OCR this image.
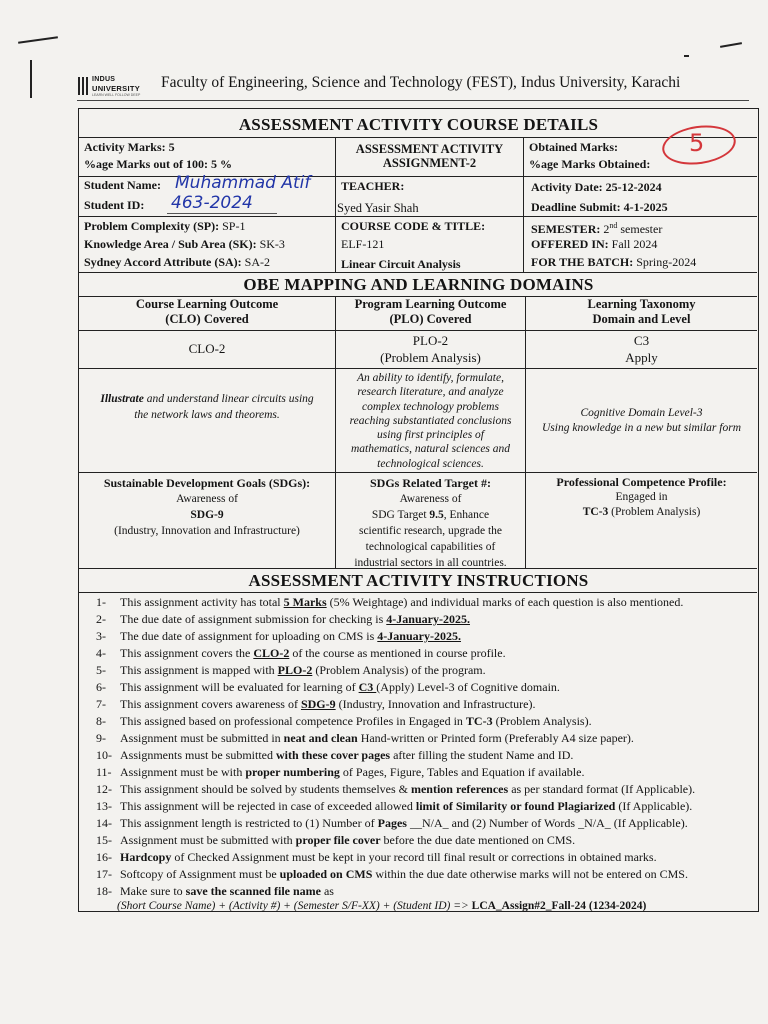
INDUS
UNIVERSITY
LEARN WELL FOLLOW DEEP
Faculty of Engineering, Science and Technology (FEST), Indus University, Karachi
ASSESSMENT ACTIVITY COURSE DETAILS
Activity Marks: 5
%age Marks out of 100: 5 %
ASSESSMENT ACTIVITY
ASSIGNMENT-2
Obtained Marks:
%age Marks Obtained:
5
Student Name: Muhammad Atif
Student ID: 463-2024
TEACHER:
Syed Yasir Shah
Activity Date: 25-12-2024
Deadline Submit: 4-1-2025
Problem Complexity (SP): SP-1
Knowledge Area / Sub Area (SK): SK-3
Sydney Accord Attribute (SA): SA-2
COURSE CODE & TITLE:
ELF-121
Linear Circuit Analysis
SEMESTER: 2nd semester
OFFERED IN: Fall 2024
FOR THE BATCH: Spring-2024
OBE MAPPING AND LEARNING DOMAINS
Course Learning Outcome
(CLO) Covered
Program Learning Outcome
(PLO) Covered
Learning Taxonomy
Domain and Level
CLO-2
PLO-2
(Problem Analysis)
C3
Apply
Illustrate and understand linear circuits using
the network laws and theorems.
An ability to identify, formulate,
research literature, and analyze
complex technology problems
reaching substantiated conclusions
using first principles of
mathematics, natural sciences and
technological sciences.
Cognitive Domain Level-3
Using knowledge in a new but similar form
Sustainable Development Goals (SDGs):
Awareness of
SDG-9
(Industry, Innovation and Infrastructure)
SDGs Related Target #:
Awareness of
SDG Target 9.5, Enhance
scientific research, upgrade the
technological capabilities of
industrial sectors in all countries.
Professional Competence Profile:
Engaged in
TC-3 (Problem Analysis)
ASSESSMENT ACTIVITY INSTRUCTIONS
1- This assignment activity has total 5 Marks (5% Weightage) and individual marks of each question is also mentioned.
2- The due date of assignment submission for checking is 4-January-2025.
3- The due date of assignment for uploading on CMS is 4-January-2025.
4- This assignment covers the CLO-2 of the course as mentioned in course profile.
5- This assignment is mapped with PLO-2 (Problem Analysis) of the program.
6- This assignment will be evaluated for learning of C3 (Apply) Level-3 of Cognitive domain.
7- This assignment covers awareness of SDG-9 (Industry, Innovation and Infrastructure).
8- This assigned based on professional competence Profiles in Engaged in TC-3 (Problem Analysis).
9- Assignment must be submitted in neat and clean Hand-written or Printed form (Preferably A4 size paper).
10- Assignments must be submitted with these cover pages after filling the student Name and ID.
11- Assignment must be with proper numbering of Pages, Figure, Tables and Equation if available.
12- This assignment should be solved by students themselves & mention references as per standard format (If Applicable).
13- This assignment will be rejected in case of exceeded allowed limit of Similarity or found Plagiarized (If Applicable).
14- This assignment length is restricted to (1) Number of Pages __N/A_ and (2) Number of Words _N/A_ (If Applicable).
15- Assignment must be submitted with proper file cover before the due date mentioned on CMS.
16- Hardcopy of Checked Assignment must be kept in your record till final result or corrections in obtained marks.
17- Softcopy of Assignment must be uploaded on CMS within the due date otherwise marks will not be entered on CMS.
18- Make sure to save the scanned file name as
(Short Course Name) + (Activity #) + (Semester S/F-XX) + (Student ID) => LCA_Assign#2_Fall-24 (1234-2024)
